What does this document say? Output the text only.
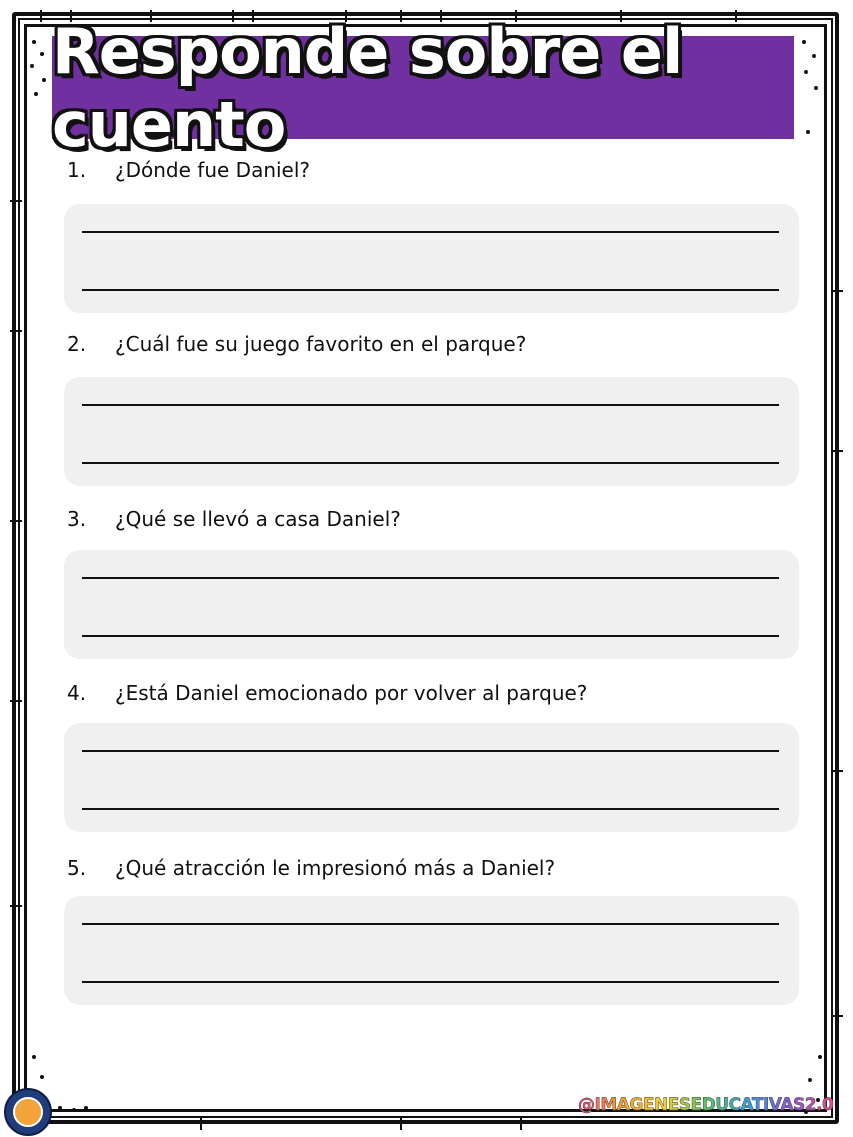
Responde sobre el cuento
1. ¿Dónde fue Daniel?
2. ¿Cuál fue su juego favorito en el parque?
3. ¿Qué se llevó a casa Daniel?
4. ¿Está Daniel emocionado por volver al parque?
5. ¿Qué atracción le impresionó más a Daniel?
@IMAGENESEDUCATIVAS2.0
